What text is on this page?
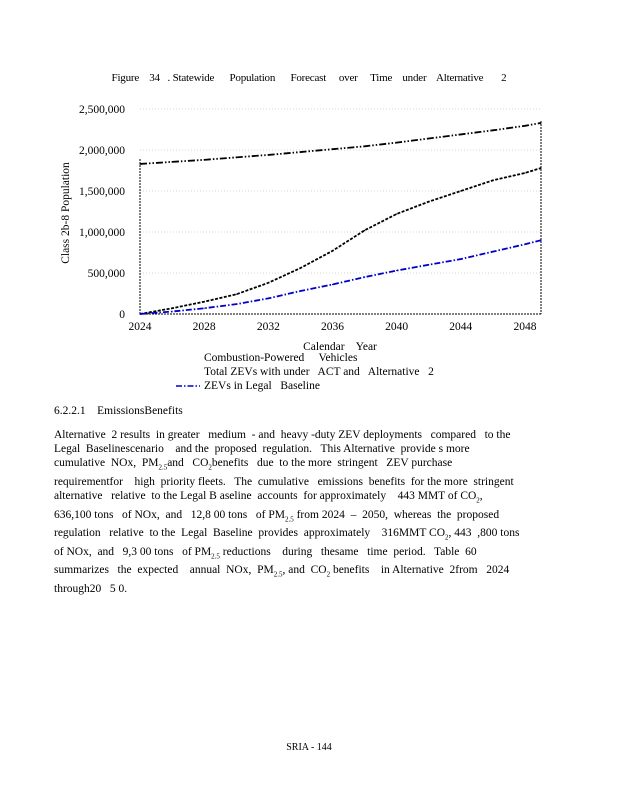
Figure    34   . Statewide      Population      Forecast     over     Time    under    Alternative       2
0
500,000
1,000,000
1,500,000
2,000,000
2,500,000
2024	2028	2032	2036	2040	2044	2048
Calendar    Year
Class 2b-8 Population
Combustion-Powered     Vehicles
Total ZEVs with under   ACT and   Alternative   2
ZEVs in Legal   Baseline
6.2.2.1 EmissionsBenefits
Alternative  2 results  in greater   medium  - and  heavy -duty ZEV deployments   compared   to the
Legal  Baselinescenario    and the  proposed  regulation.   This Alternative  provide s more
cumulative  NOx,  $PM_{2.5}and$   $CO_2benefits$   due  to the more  stringent   ZEV purchase
requirementfor    high  priority fleets.   The  cumulative   emissions  benefits  for the more  stringent
alternative   relative  to the Legal B aseline  accounts  for approximately    443 MMT of $CO_2$,
636,100 tons   of NOx,  and   12,8 00 tons   of $PM_{2.5}$ from 2024  –  2050,  whereas  the  proposed
regulation   relative  to the  Legal  Baseline  provides  approximately    316MMT $CO_2$, 443  ,800 tons
of NOx,  and   9,3 00 tons   of $PM_{2.5}$ reductions    during   thesame   time  period.   Table  60
summarizes   the  expected    annual  NOx,  $PM_{2.5}$, and  $CO_2$ benefits    in Alternative  2from   2024
through20   5 0.
SRIA - 144
